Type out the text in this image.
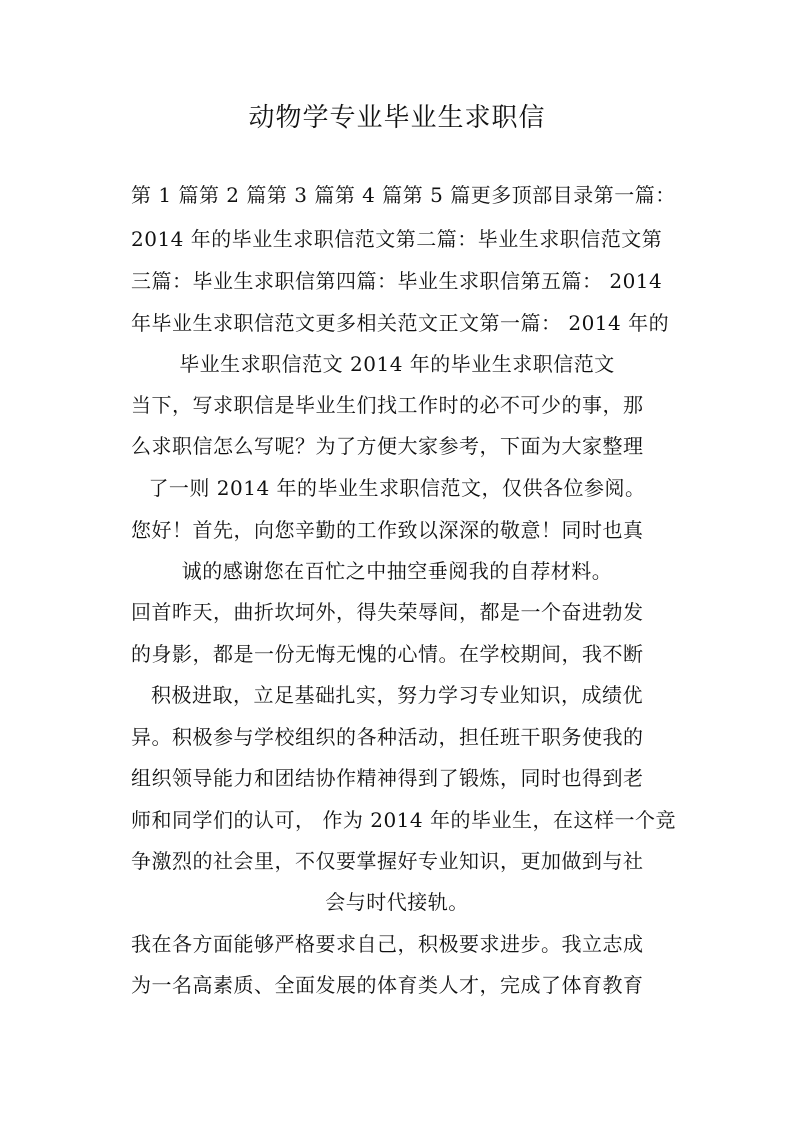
动物学专业毕业生求职信
第 1 篇第 2 篇第 3 篇第 4 篇第 5 篇更多顶部目录第一篇：
2014 年的毕业生求职信范文第二篇：毕业生求职信范文第
三篇：毕业生求职信第四篇：毕业生求职信第五篇： 2014
年毕业生求职信范文更多相关范文正文第一篇： 2014 年的
毕业生求职信范文 2014 年的毕业生求职信范文
当下，写求职信是毕业生们找工作时的必不可少的事，那
么求职信怎么写呢？为了方便大家参考，下面为大家整理
了一则 2014 年的毕业生求职信范文，仅供各位参阅。
您好！首先，向您辛勤的工作致以深深的敬意！同时也真
诚的感谢您在百忙之中抽空垂阅我的自荐材料。
回首昨天，曲折坎坷外，得失荣辱间，都是一个奋进勃发
的身影，都是一份无悔无愧的心情。在学校期间，我不断
积极进取，立足基础扎实，努力学习专业知识，成绩优
异。积极参与学校组织的各种活动，担任班干职务使我的
组织领导能力和团结协作精神得到了锻炼，同时也得到老
师和同学们的认可， 作为 2014 年的毕业生，在这样一个竞
争激烈的社会里，不仅要掌握好专业知识，更加做到与社
会与时代接轨。
我在各方面能够严格要求自己，积极要求进步。我立志成
为一名高素质、全面发展的体育类人才，完成了体育教育
